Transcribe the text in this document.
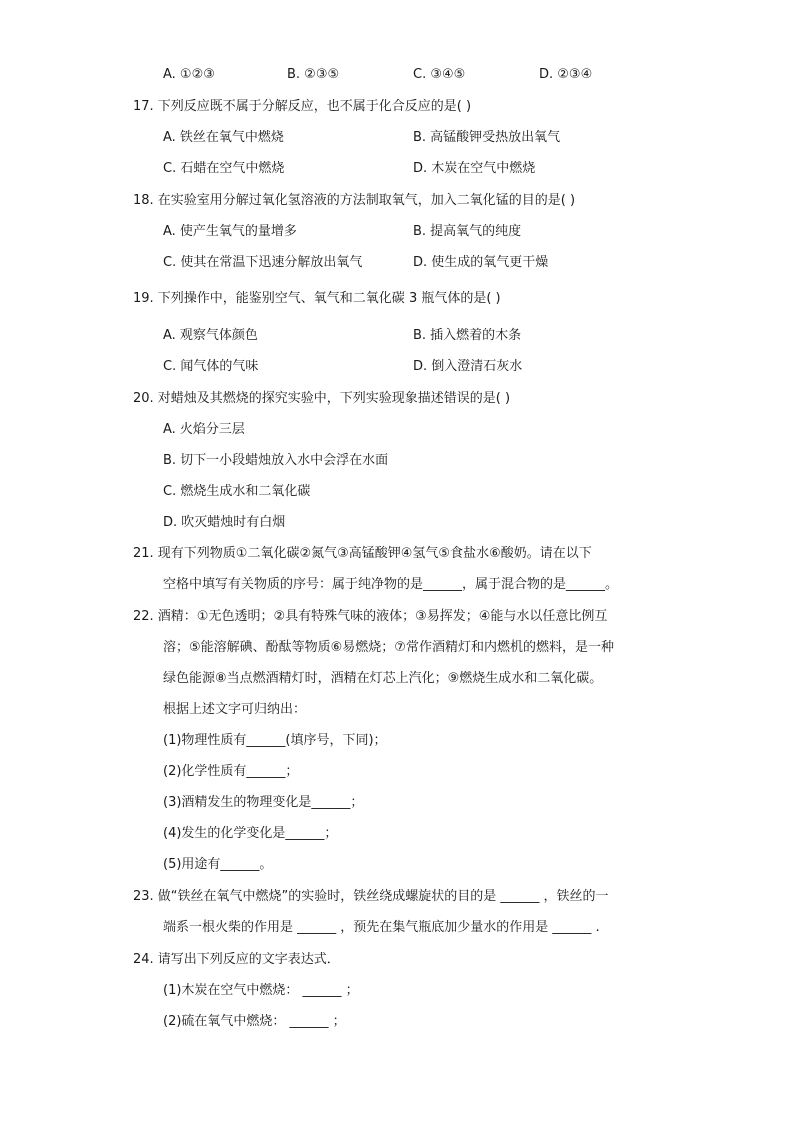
A. ①②③	B. ②③⑤	C. ③④⑤	D. ②③④
17. 下列反应既不属于分解反应，也不属于化合反应的是( )
A. 铁丝在氧气中燃烧	B. 高锰酸钾受热放出氧气
C. 石蜡在空气中燃烧	D. 木炭在空气中燃烧
18. 在实验室用分解过氧化氢溶液的方法制取氧气，加入二氧化锰的目的是( )
A. 使产生氧气的量增多	B. 提高氧气的纯度
C. 使其在常温下迅速分解放出氧气	D. 使生成的氧气更干燥
19. 下列操作中，能鉴别空气、氧气和二氧化碳 3 瓶气体的是( )
A. 观察气体颜色	B. 插入燃着的木条
C. 闻气体的气味	D. 倒入澄清石灰水
20. 对蜡烛及其燃烧的探究实验中，下列实验现象描述错误的是( )
A. 火焰分三层
B. 切下一小段蜡烛放入水中会浮在水面
C. 燃烧生成水和二氧化碳
D. 吹灭蜡烛时有白烟
21. 现有下列物质①二氧化碳②氮气③高锰酸钾④氢气⑤食盐水⑥酸奶。请在以下
空格中填写有关物质的序号：属于纯净物的是______，属于混合物的是______。
22. 酒精：①无色透明；②具有特殊气味的液体；③易挥发；④能与水以任意比例互
溶；⑤能溶解碘、酚酞等物质⑥易燃烧；⑦常作酒精灯和内燃机的燃料，是一种
绿色能源⑧当点燃酒精灯时，酒精在灯芯上汽化；⑨燃烧生成水和二氧化碳。
根据上述文字可归纳出：
(1)物理性质有______(填序号，下同)；
(2)化学性质有______；
(3)酒精发生的物理变化是______；
(4)发生的化学变化是______；
(5)用途有______。
23. 做“铁丝在氧气中燃烧”的实验时，铁丝绕成螺旋状的目的是 ______ ，铁丝的一
端系一根火柴的作用是 ______ ，预先在集气瓶底加少量水的作用是 ______ .
24. 请写出下列反应的文字表达式．
(1)木炭在空气中燃烧： ______ ；
(2)硫在氧气中燃烧： ______ ；
